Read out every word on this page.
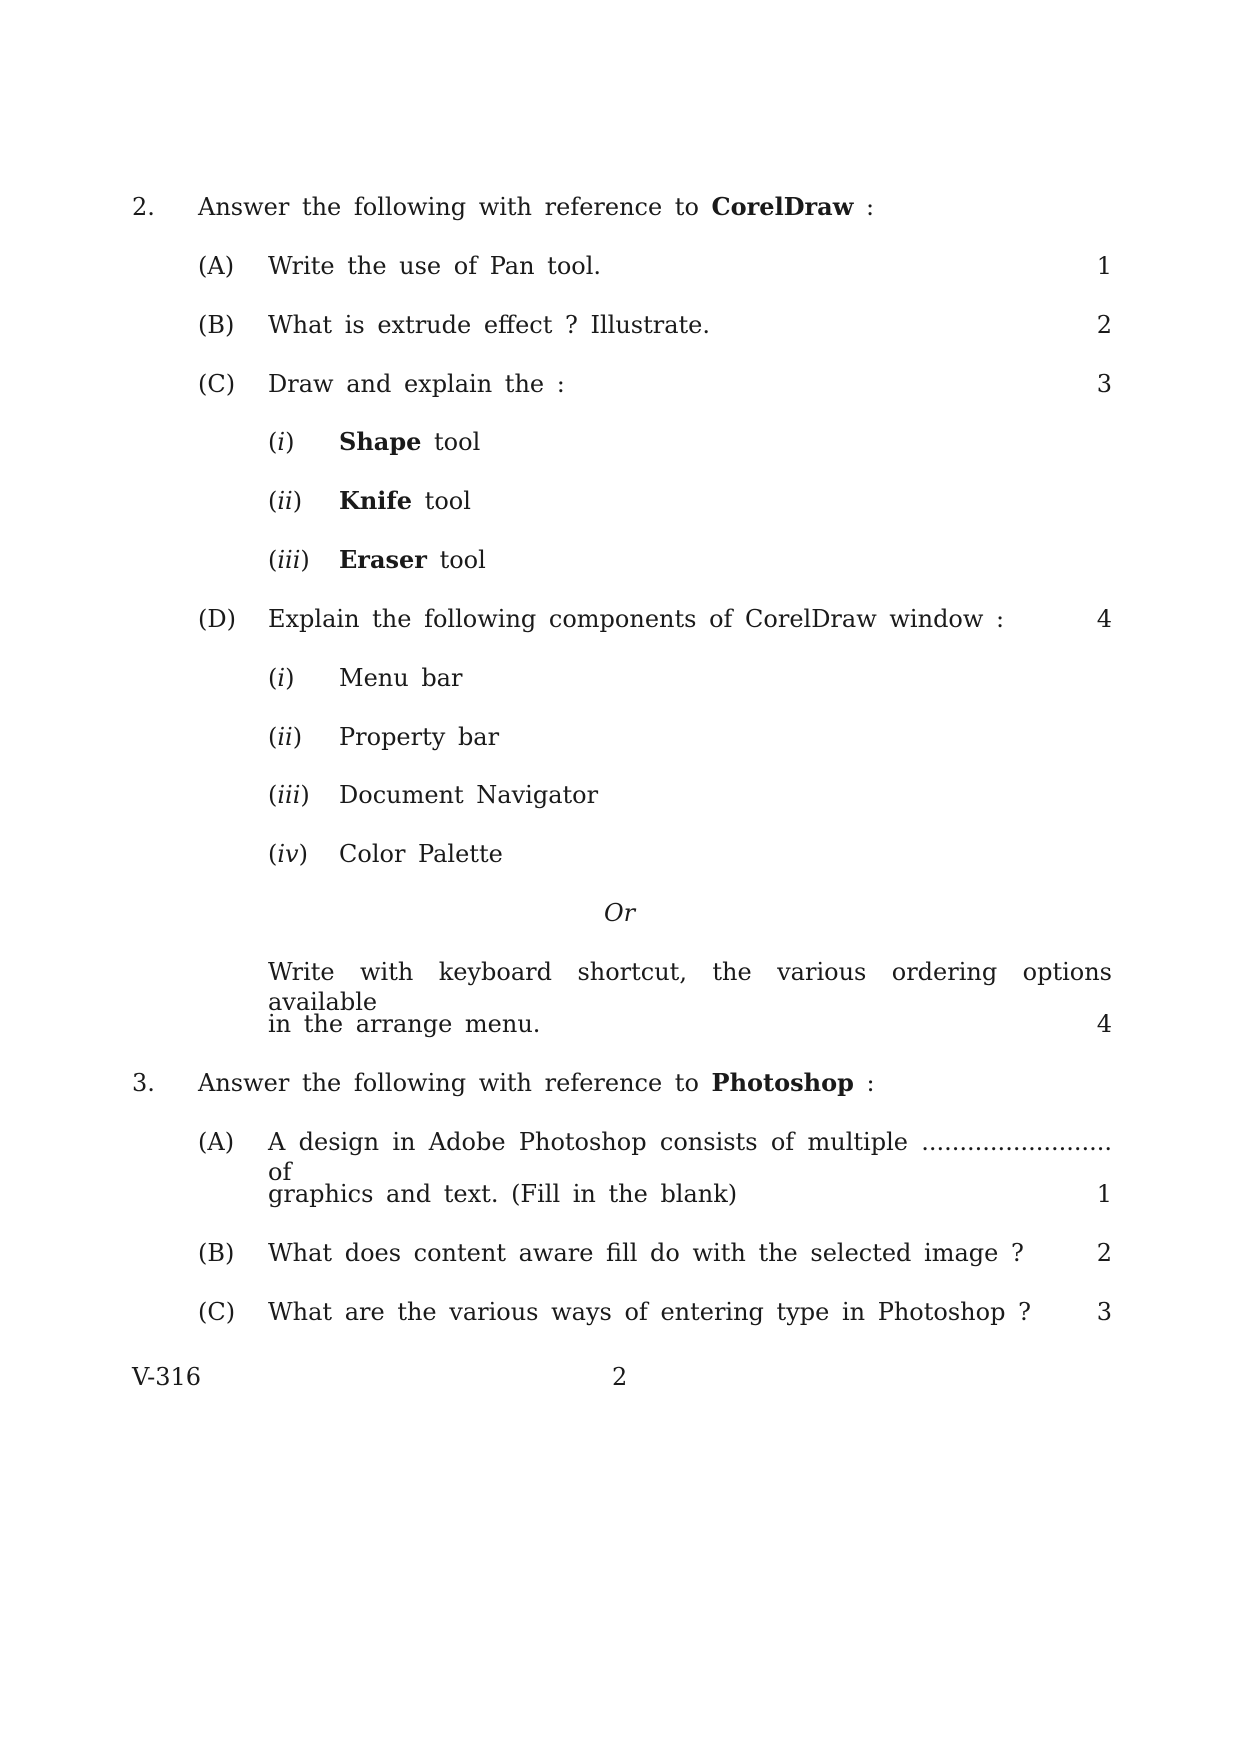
2. Answer the following with reference to CorelDraw :
(A) Write the use of Pan tool.	1
(B) What is extrude effect ? Illustrate.	2
(C) Draw and explain the :	3
(i) Shape tool
(ii) Knife tool
(iii) Eraser tool
(D) Explain the following components of CorelDraw window :	4
(i) Menu bar
(ii) Property bar
(iii) Document Navigator
(iv) Color Palette
Or
Write with keyboard shortcut, the various ordering options available
in the arrange menu.	4
3. Answer the following with reference to Photoshop :
(A) A design in Adobe Photoshop consists of multiple ......................... of
graphics and text. (Fill in the blank)	1
(B) What does content aware fill do with the selected image ?	2
(C) What are the various ways of entering type in Photoshop ?	3
V-316	2
